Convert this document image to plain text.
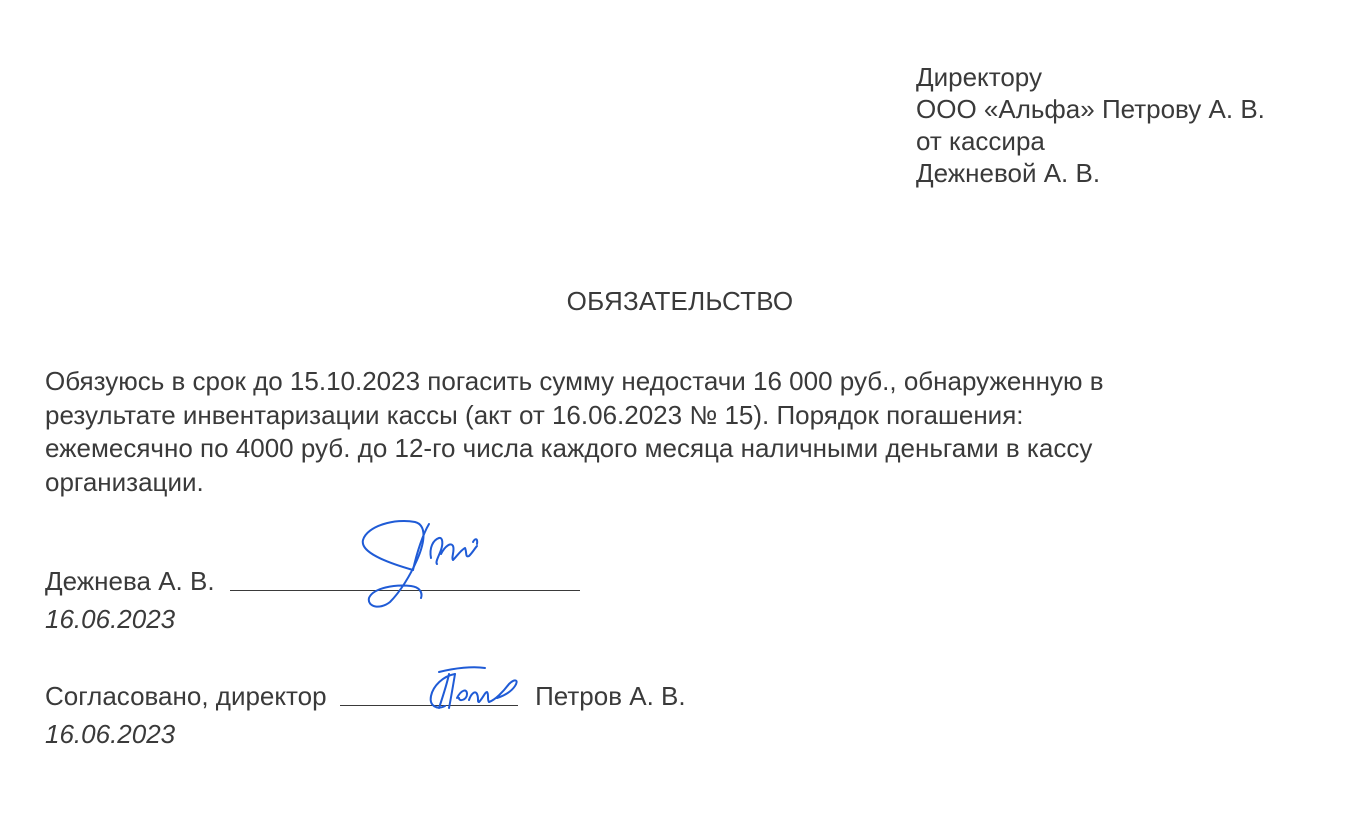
Директору
ООО «Альфа» Петрову А. В.
от кассира
Дежневой А. В.
ОБЯЗАТЕЛЬСТВО
Обязуюсь в срок до 15.10.2023 погасить сумму недостачи 16 000 руб., обнаруженную в
результате инвентаризации кассы (акт от 16.06.2023 № 15). Порядок погашения:
ежемесячно по 4000 руб. до 12-го числа каждого месяца наличными деньгами в кассу
организации.
Дежнева А. В.
16.06.2023
Согласовано, директор	Петров А. В.
16.06.2023
